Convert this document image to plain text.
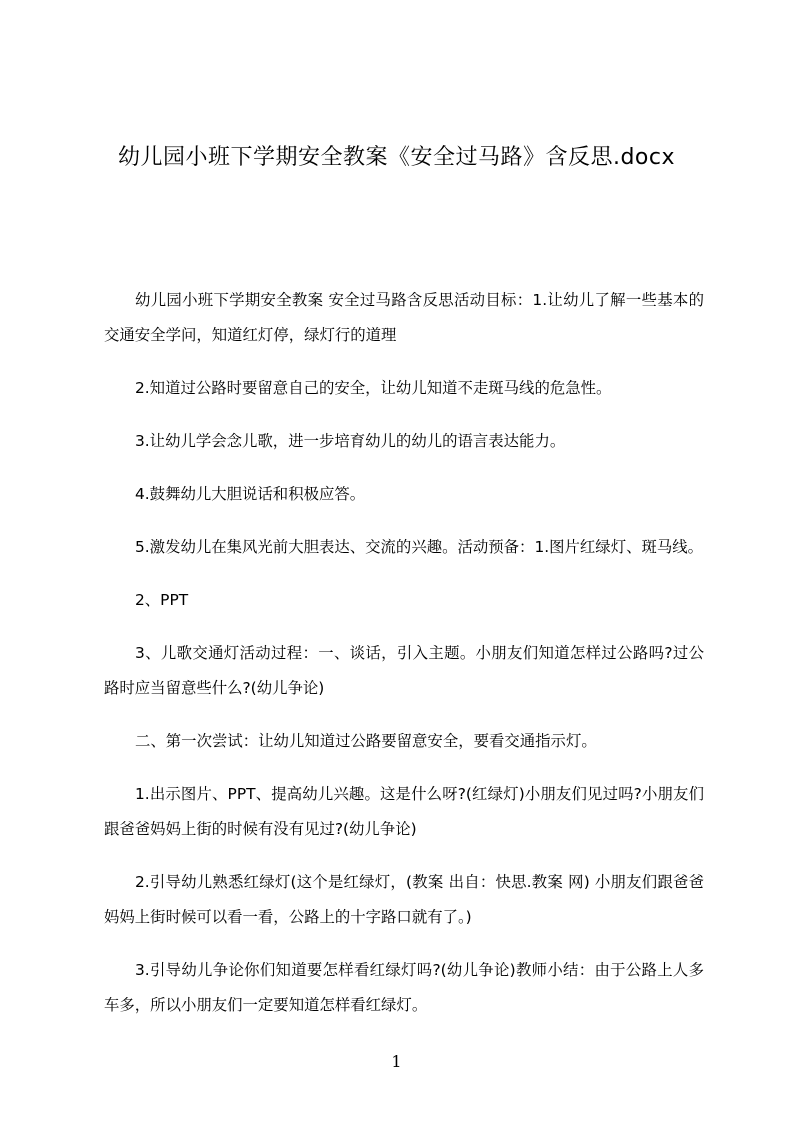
幼儿园小班下学期安全教案《安全过马路》含反思.docx

幼儿园小班下学期安全教案 安全过马路含反思活动目标：1.让幼儿了解一些基本的交通安全学问，知道红灯停，绿灯行的道理

2.知道过公路时要留意自己的安全，让幼儿知道不走斑马线的危急性。

3.让幼儿学会念儿歌，进一步培育幼儿的幼儿的语言表达能力。

4.鼓舞幼儿大胆说话和积极应答。

5.激发幼儿在集风光前大胆表达、交流的兴趣。活动预备：1.图片红绿灯、斑马线。

2、PPT

3、儿歌交通灯活动过程：一、谈话，引入主题。小朋友们知道怎样过公路吗?过公路时应当留意些什么?(幼儿争论)

二、第一次尝试：让幼儿知道过公路要留意安全，要看交通指示灯。

1.出示图片、PPT、提高幼儿兴趣。这是什么呀?(红绿灯)小朋友们见过吗?小朋友们跟爸爸妈妈上街的时候有没有见过?(幼儿争论)

2.引导幼儿熟悉红绿灯(这个是红绿灯，(教案 出自：快思.教案 网) 小朋友们跟爸爸妈妈上街时候可以看一看，公路上的十字路口就有了。)

3.引导幼儿争论你们知道要怎样看红绿灯吗?(幼儿争论)教师小结：由于公路上人多车多，所以小朋友们一定要知道怎样看红绿灯。

1
